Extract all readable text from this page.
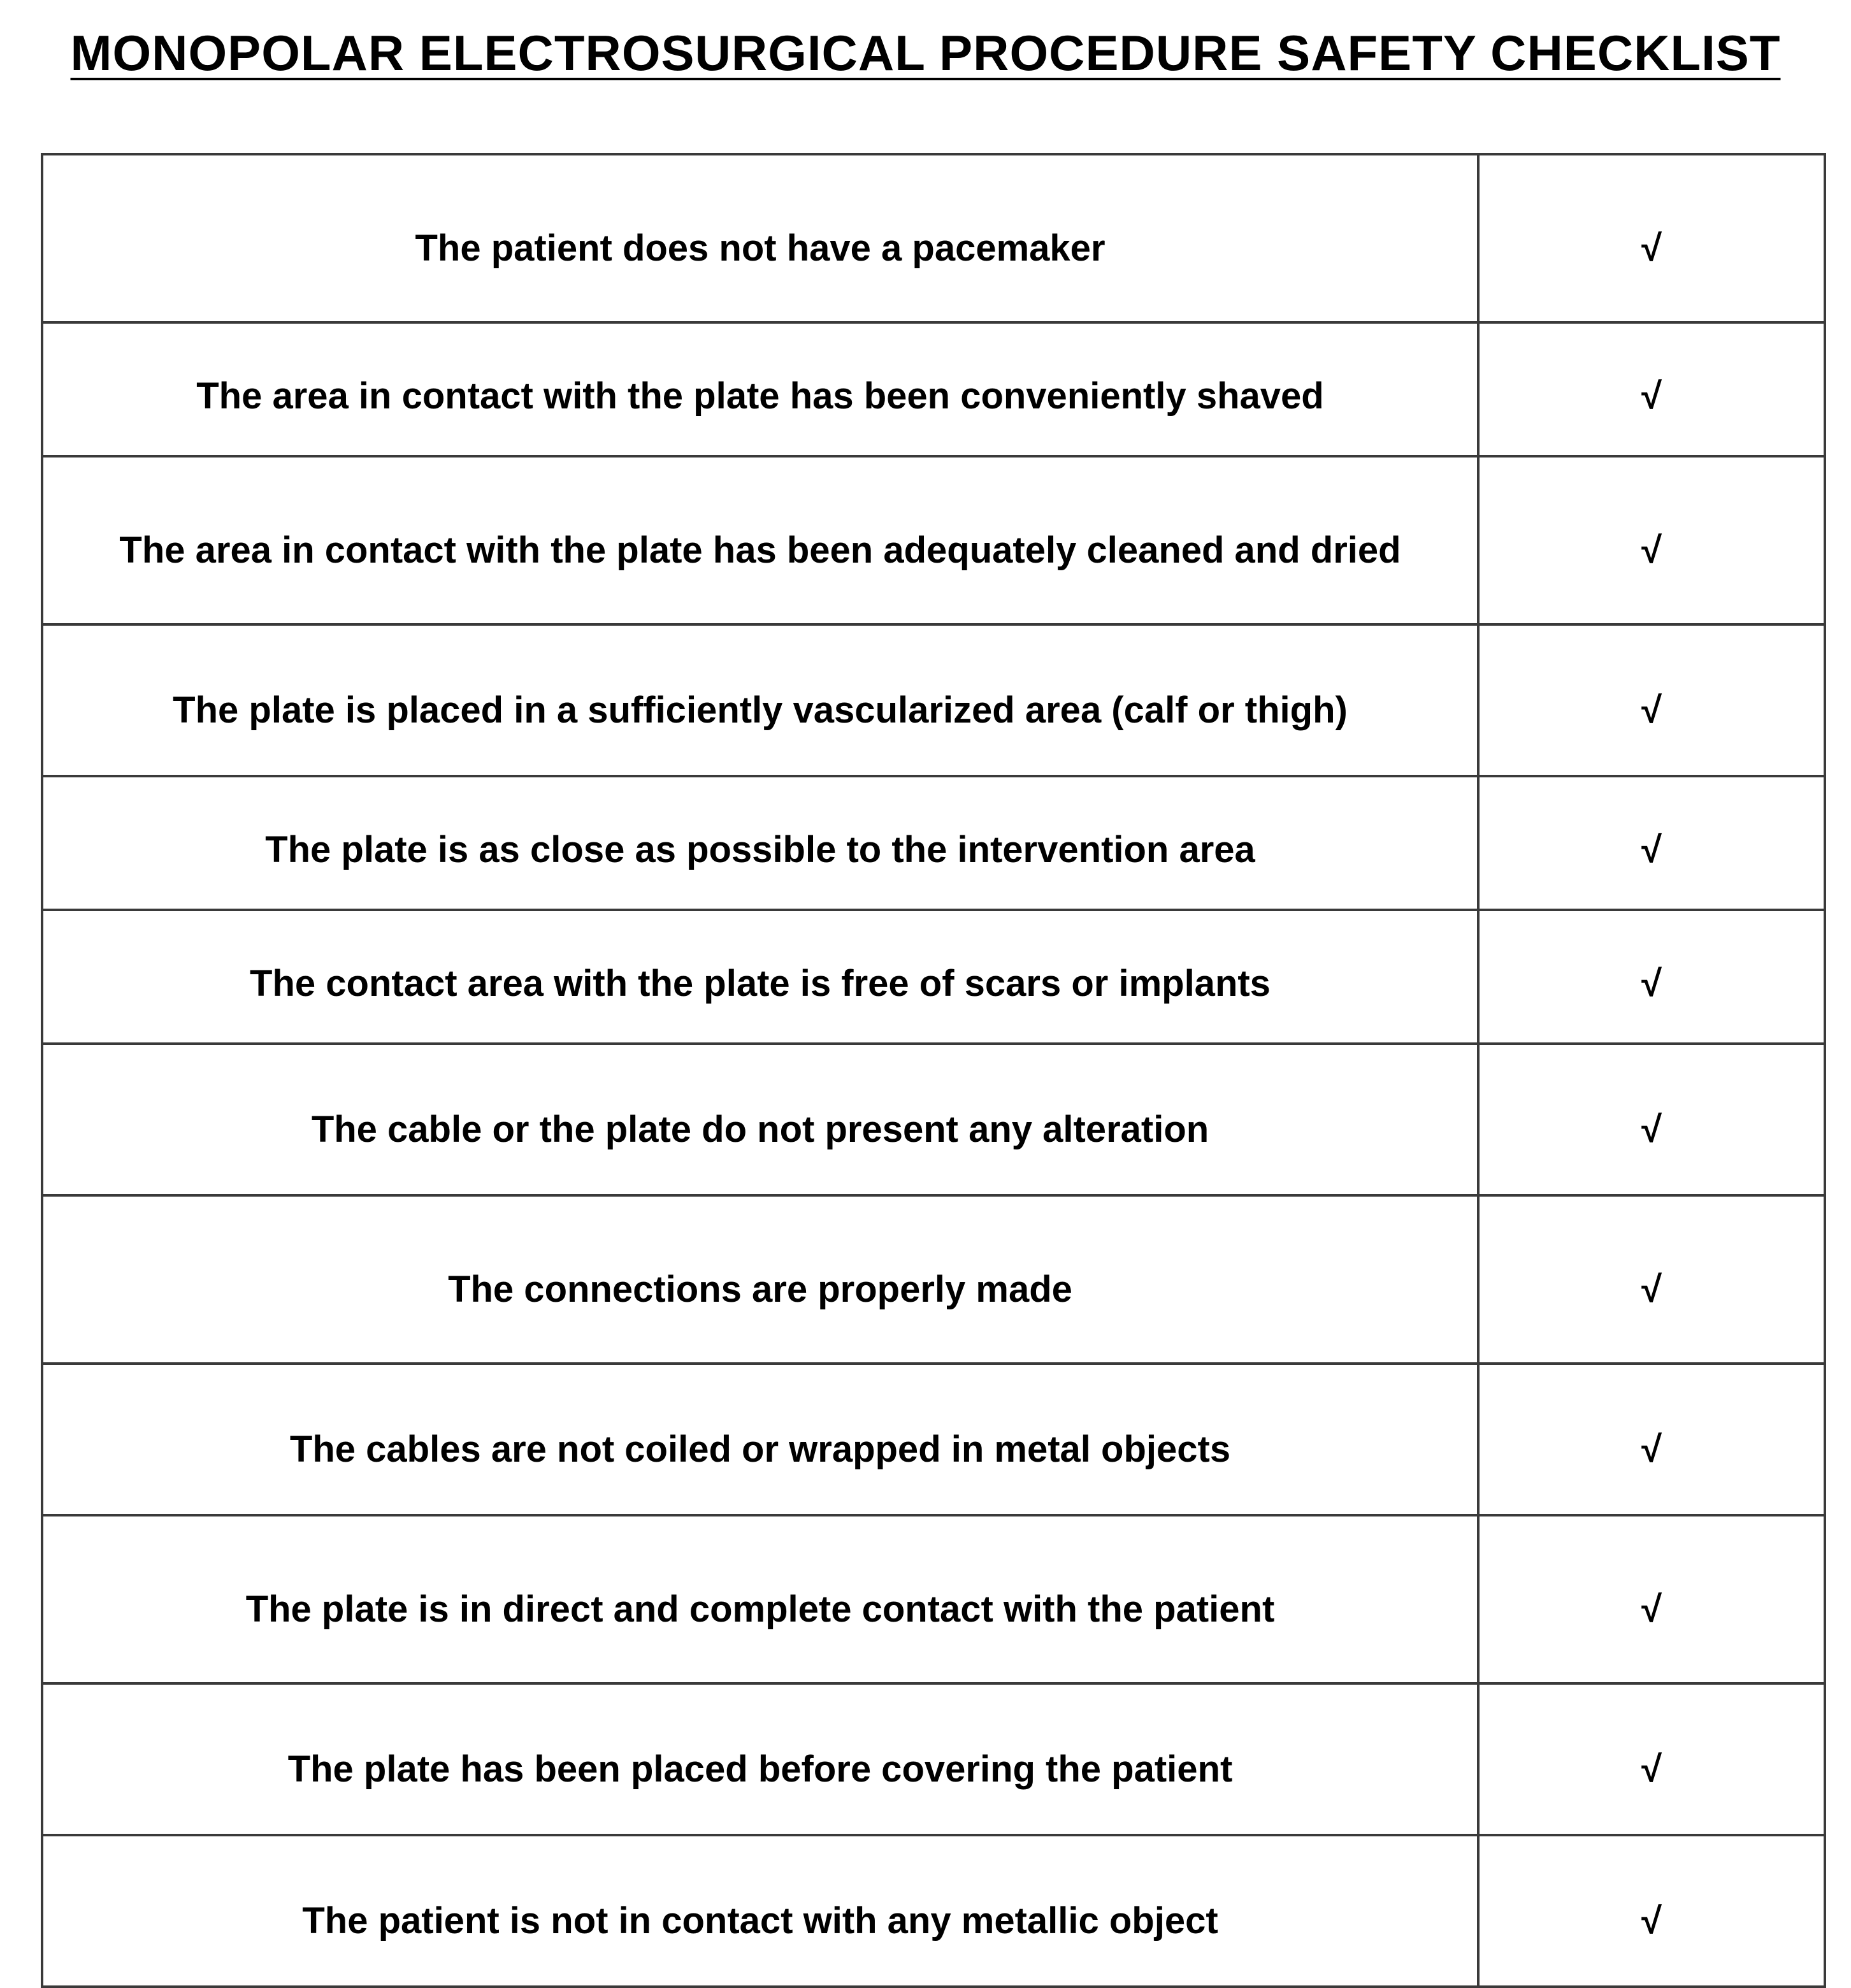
MONOPOLAR ELECTROSURGICAL PROCEDURE SAFETY CHECKLIST
The patient does not have a pacemaker	√
The area in contact with the plate has been conveniently shaved	√
The area in contact with the plate has been adequately cleaned and dried	√
The plate is placed in a sufficiently vascularized area (calf or thigh)	√
The plate is as close as possible to the intervention area	√
The contact area with the plate is free of scars or implants	√
The cable or the plate do not present any alteration	√
The connections are properly made	√
The cables are not coiled or wrapped in metal objects	√
The plate is in direct and complete contact with the patient	√
The plate has been placed before covering the patient	√
The patient is not in contact with any metallic object	√
